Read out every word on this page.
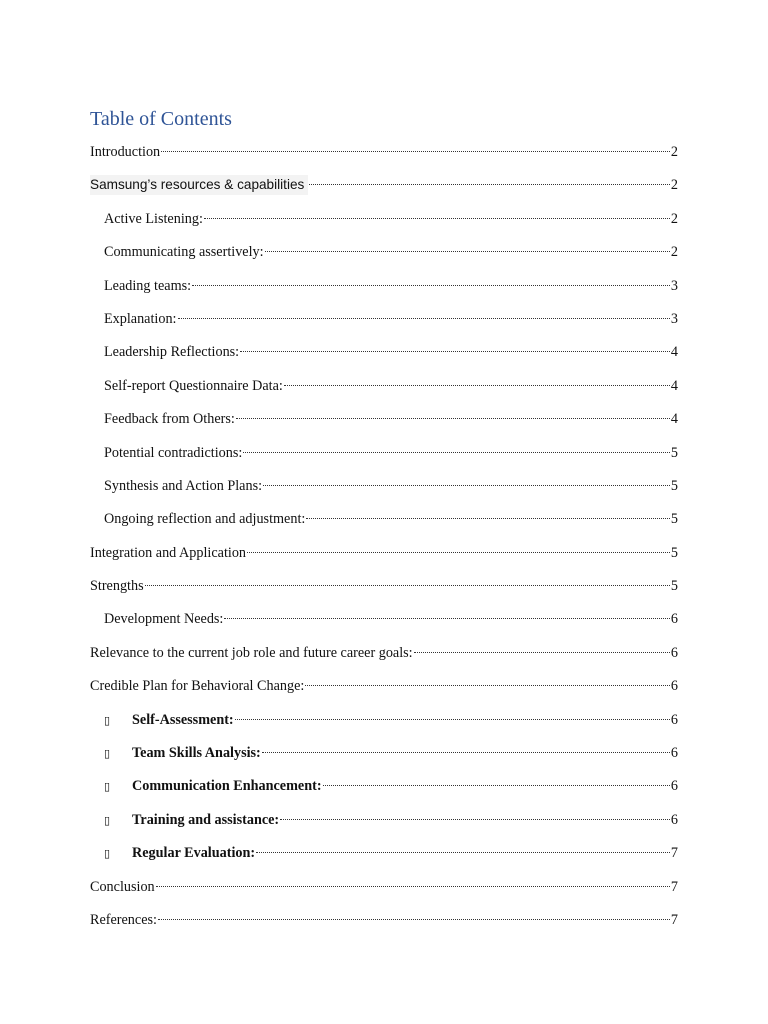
Table of Contents
Introduction	2
Samsung’s resources & capabilities	2
Active Listening:	2
Communicating assertively:	2
Leading teams:	3
Explanation:	3
Leadership Reflections:	4
Self-report Questionnaire Data:	4
Feedback from Others:	4
Potential contradictions:	5
Synthesis and Action Plans:	5
Ongoing reflection and adjustment:	5
Integration and Application	5
Strengths	5
Development Needs:	6
Relevance to the current job role and future career goals:	6
Credible Plan for Behavioral Change:	6
▯	Self-Assessment:	6
▯	Team Skills Analysis:	6
▯	Communication Enhancement:	6
▯	Training and assistance:	6
▯	Regular Evaluation:	7
Conclusion	7
References:	7
